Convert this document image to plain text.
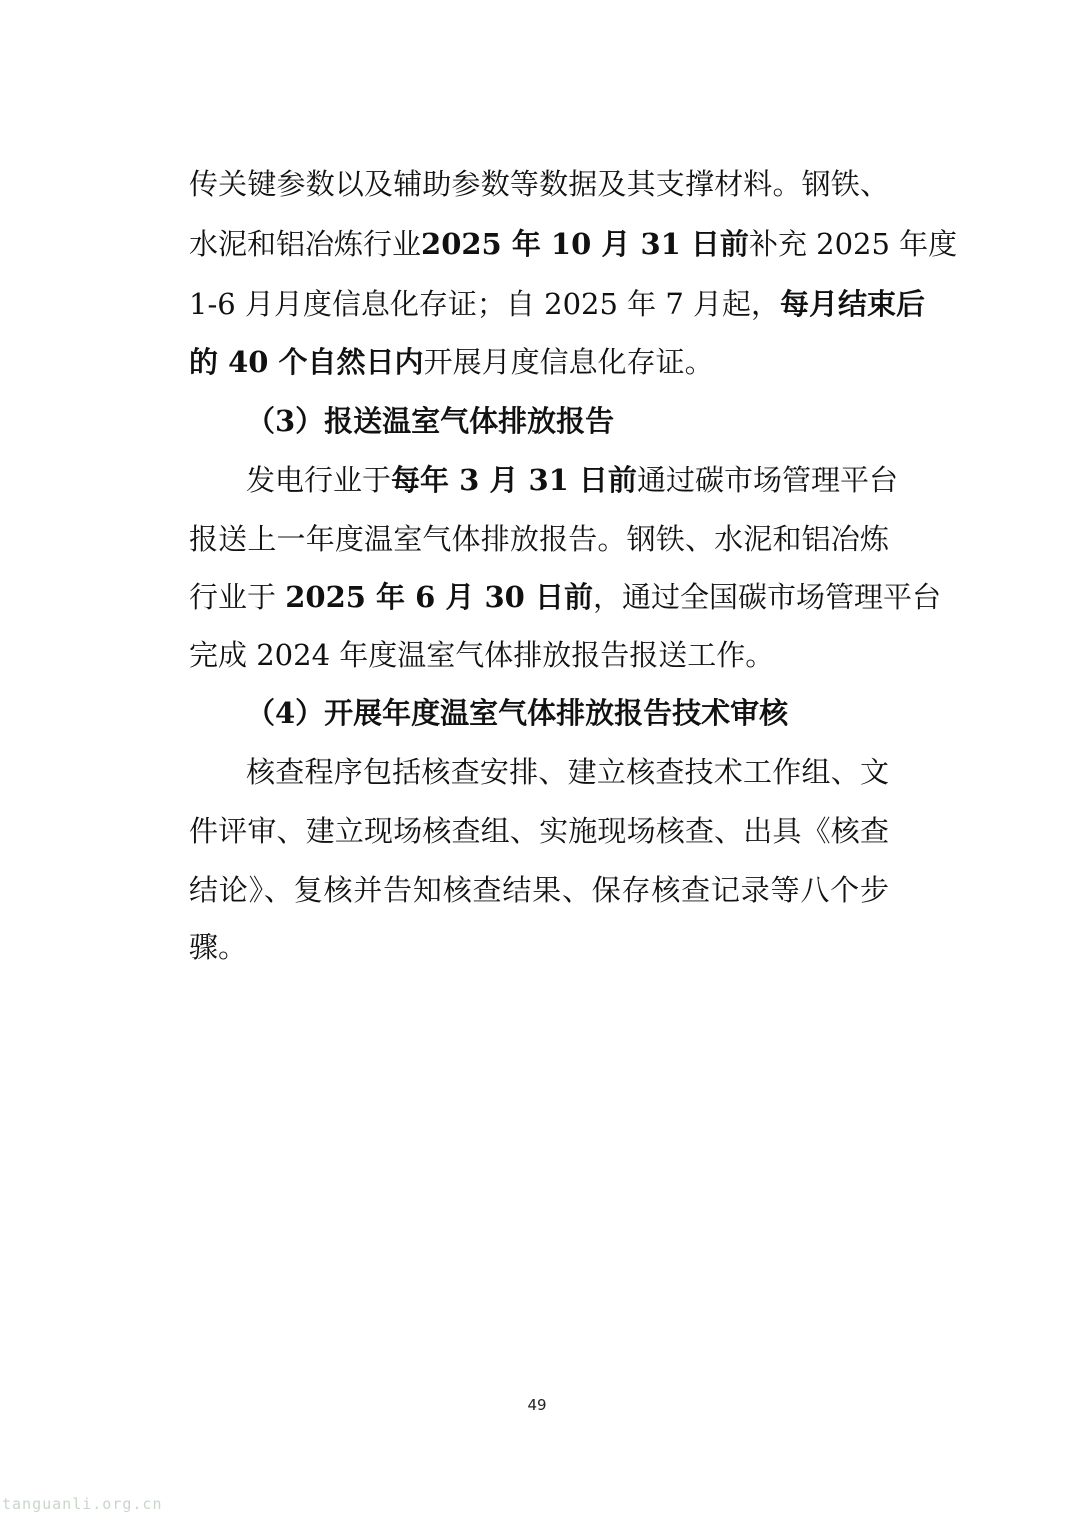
传关键参数以及辅助参数等数据及其支撑材料。钢铁、
水泥和铝冶炼行业2025 年 10 月 31 日前补充 2025 年度
1-6 月月度信息化存证；自 2025 年 7 月起，每月结束后
的 40 个自然日内开展月度信息化存证。
（3）报送温室气体排放报告
发电行业于每年 3 月 31 日前通过碳市场管理平台
报送上一年度温室气体排放报告。钢铁、水泥和铝冶炼
行业于 2025 年 6 月 30 日前，通过全国碳市场管理平台
完成 2024 年度温室气体排放报告报送工作。
（4）开展年度温室气体排放报告技术审核
核查程序包括核查安排、建立核查技术工作组、文
件评审、建立现场核查组、实施现场核查、出具《核查
结论》、复核并告知核查结果、保存核查记录等八个步
骤。
49
tanguanli.org.cn
